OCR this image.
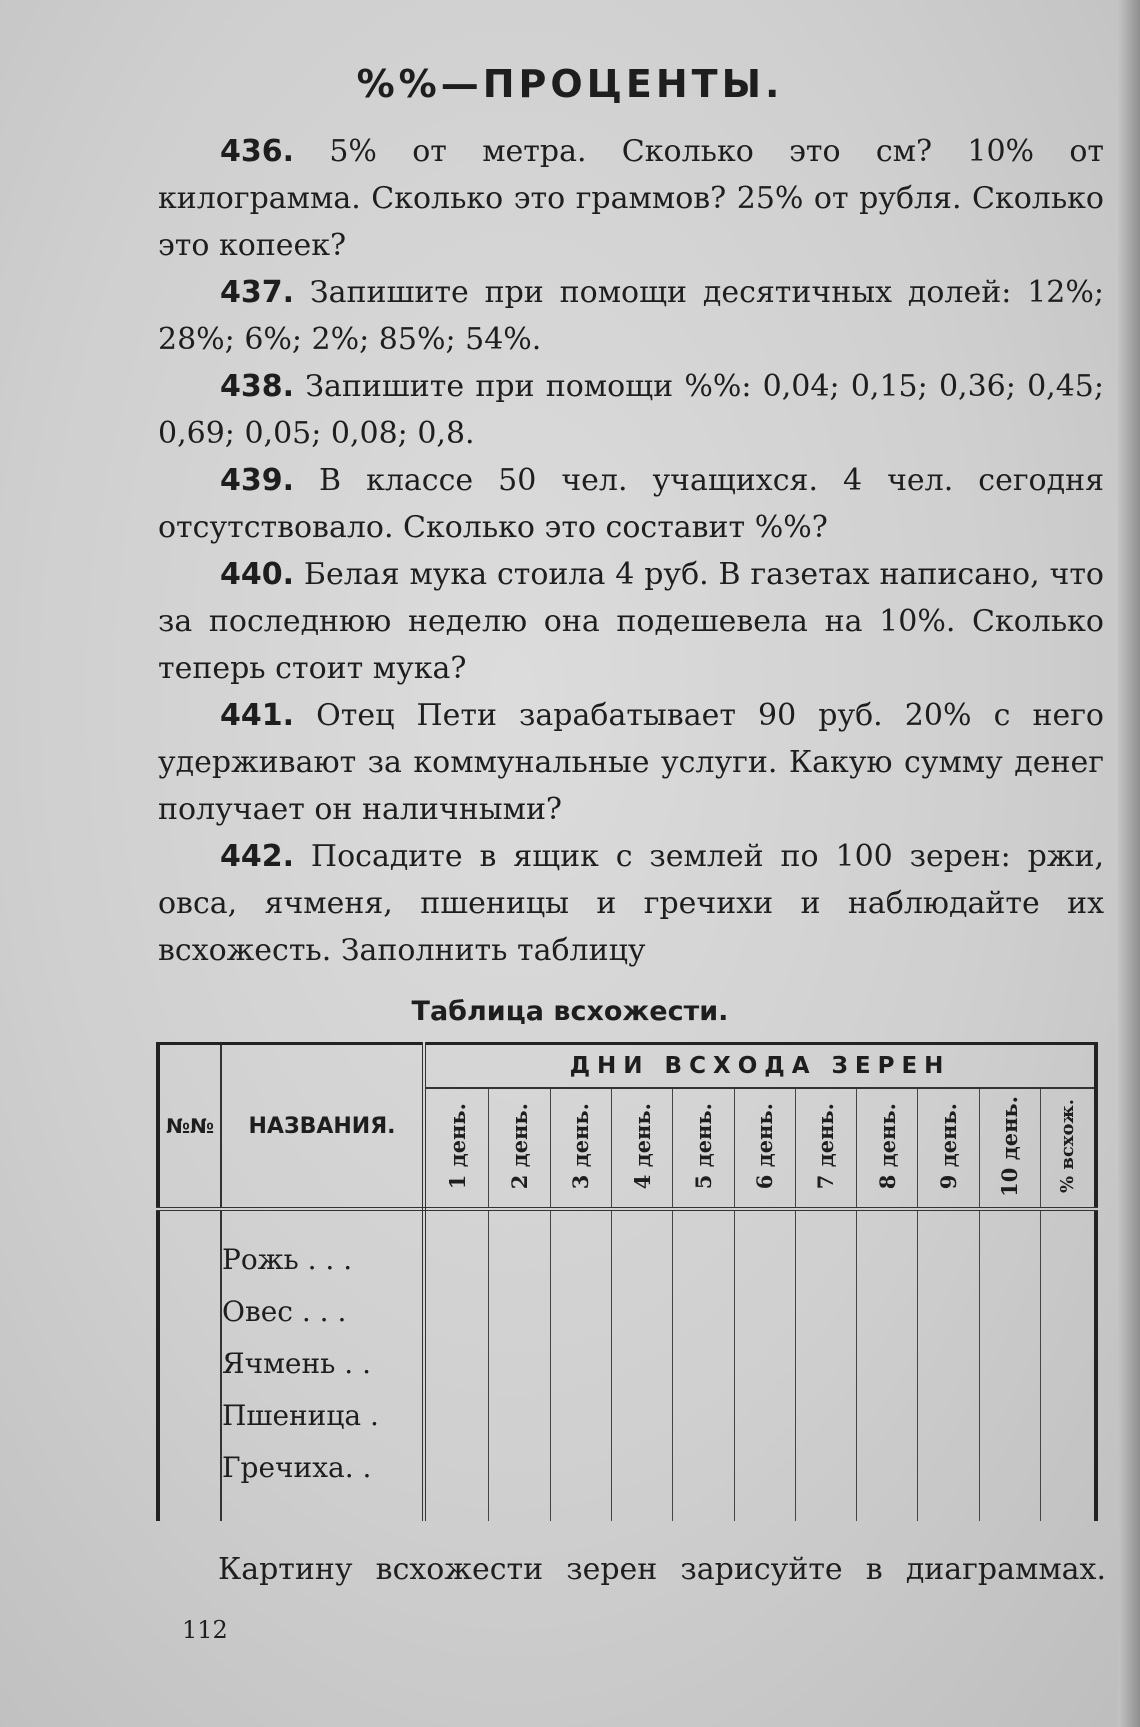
%%—ПРОЦЕНТЫ.

436. 5% от метра. Сколько это см? 10% от килограмма. Сколько это граммов? 25% от рубля. Сколько это копеек?

437. Запишите при помощи десятичных долей: 12%; 28%; 6%; 2%; 85%; 54%.

438. Запишите при помощи %%: 0,04; 0,15; 0,36; 0,45; 0,69; 0,05; 0,08; 0,8.

439. В классе 50 чел. учащихся. 4 чел. сегодня отсутствовало. Сколько это составит %%?

440. Белая мука стоила 4 руб. В газетах написано, что за последнюю неделю она подешевела на 10%. Сколько теперь стоит мука?

441. Отец Пети зарабатывает 90 руб. 20% с него удерживают за коммунальные услуги. Какую сумму денег получает он наличными?

442. Посадите в ящик с землей по 100 зерен: ржи, овса, ячменя, пшеницы и гречихи и наблюдайте их всхожесть. Заполнить таблицу

Таблица всхожести.
№№	НАЗВАНИЯ.	ДНИ ВСХОДА ЗЕРЕН										
		1 день.	2 день.	3 день.	4 день.	5 день.	6 день.	7 день.	8 день.	9 день.	10 день.	% всхож.

	Рожь . . .											
	Овес . . .											
	Ячмень . .											
	Пшеница .											
	Гречиха. .											

Картину всхожести зерен зарисуйте в диаграммах.
112
